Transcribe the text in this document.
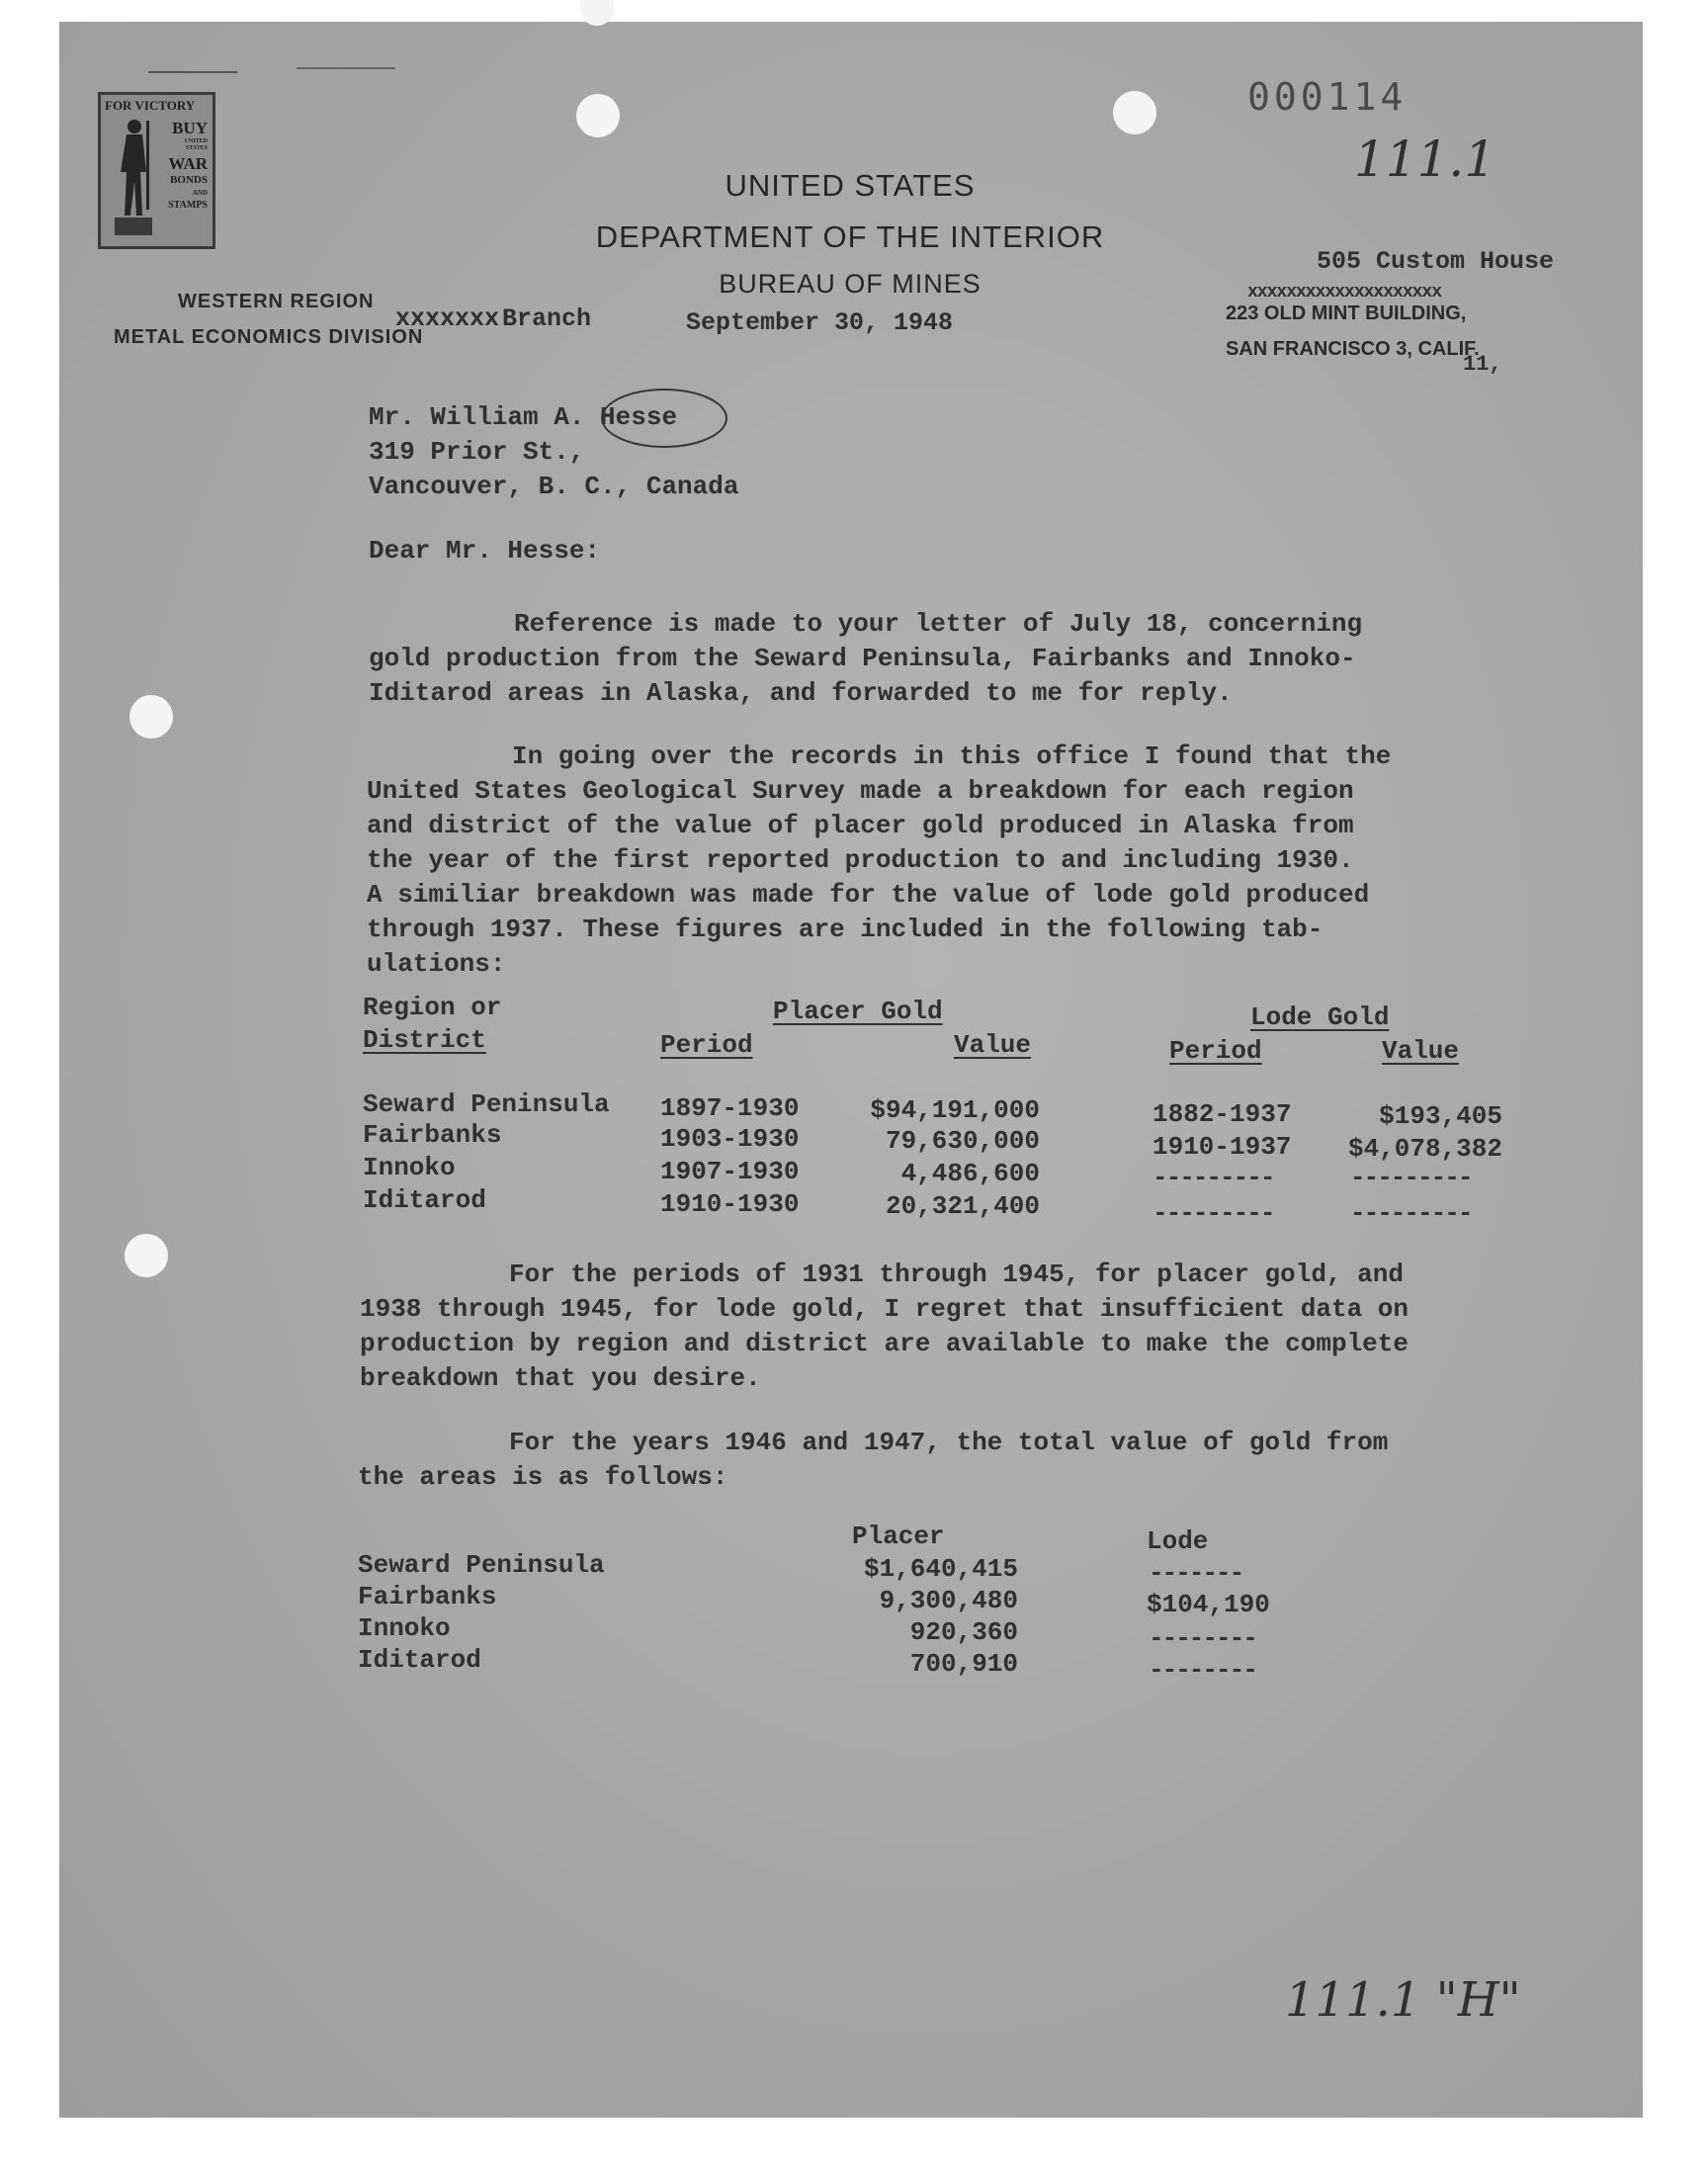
FOR VICTORY
BUY
UNITED STATES
WAR
BONDS
AND
STAMPS
UNITED STATES
DEPARTMENT OF THE INTERIOR
BUREAU OF MINES
WESTERN REGION
METAL ECONOMICS DIVISION
xxxxxxx Branch	September 30, 1948
505 Custom House
xxxxxxxxxxxxxxxxxxxx
223 OLD MINT BUILDING,
SAN FRANCISCO 3, CALIF.
11,
000114
111.1
111.1 "H"
Mr. William A. Hesse
319 Prior St.,
Vancouver, B. C., Canada
Dear Mr. Hesse:
Reference is made to your letter of July 18, concerning
gold production from the Seward Peninsula, Fairbanks and Innoko-
Iditarod areas in Alaska, and forwarded to me for reply.
In going over the records in this office I found that the
United States Geological Survey made a breakdown for each region
and district of the value of placer gold produced in Alaska from
the year of the first reported production to and including 1930.
A similiar breakdown was made for the value of lode gold produced
through 1937. These figures are included in the following tab-
ulations:
Region or
District
Placer Gold	Lode Gold
Period	Value	Period	Value
Seward Peninsula 1897-1930	$94,191,000	1882-1937	$193,405
Fairbanks	1903-1930	79,630,000	1910-1937	$4,078,382
Innoko	1907-1930	4,486,600	---------	---------
Iditarod	1910-1930	20,321,400	---------	---------
For the periods of 1931 through 1945, for placer gold, and
1938 through 1945, for lode gold, I regret that insufficient data on
production by region and district are available to make the complete
breakdown that you desire.
For the years 1946 and 1947, the total value of gold from
the areas is as follows:
Placer	Lode
Seward Peninsula	$1,640,415	-------
Fairbanks	9,300,480	$104,190
Innoko	920,360	--------
Iditarod	700,910	--------
